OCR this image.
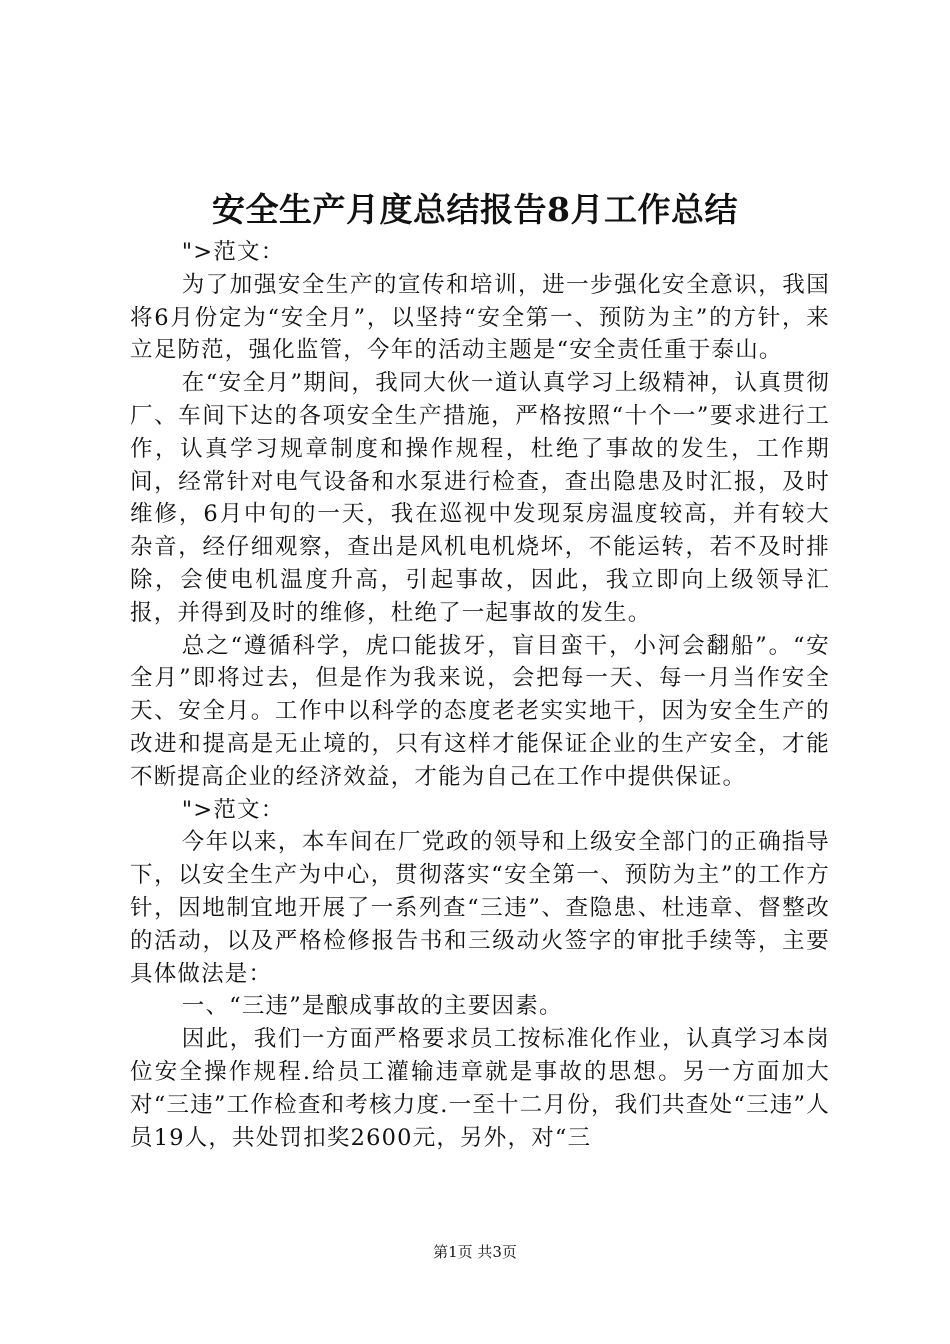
安全生产月度总结报告8月工作总结

">范文：

为了加强安全生产的宣传和培训，进一步强化安全意识，我国将6月份定为“安全月”，以坚持“安全第一、预防为主”的方针，来立足防范，强化监管，今年的活动主题是“安全责任重于泰山。

在“安全月”期间，我同大伙一道认真学习上级精神，认真贯彻厂、车间下达的各项安全生产措施，严格按照“十个一”要求进行工作，认真学习规章制度和操作规程，杜绝了事故的发生，工作期间，经常针对电气设备和水泵进行检查，查出隐患及时汇报，及时维修，6月中旬的一天，我在巡视中发现泵房温度较高，并有较大杂音，经仔细观察，查出是风机电机烧坏，不能运转，若不及时排除，会使电机温度升高，引起事故，因此，我立即向上级领导汇报，并得到及时的维修，杜绝了一起事故的发生。

总之“遵循科学，虎口能拔牙，盲目蛮干，小河会翻船”。“安全月”即将过去，但是作为我来说，会把每一天、每一月当作安全天、安全月。工作中以科学的态度老老实实地干，因为安全生产的改进和提高是无止境的，只有这样才能保证企业的生产安全，才能不断提高企业的经济效益，才能为自己在工作中提供保证。

">范文：

今年以来，本车间在厂党政的领导和上级安全部门的正确指导下，以安全生产为中心，贯彻落实“安全第一、预防为主”的工作方针，因地制宜地开展了一系列查“三违”、查隐患、杜违章、督整改的活动，以及严格检修报告书和三级动火签字的审批手续等，主要具体做法是：

一、“三违”是酿成事故的主要因素。

因此，我们一方面严格要求员工按标准化作业，认真学习本岗位安全操作规程.给员工灌输违章就是事故的思想。另一方面加大对“三违”工作检查和考核力度.一至十二月份，我们共查处“三违”人员19人，共处罚扣奖2600元，另外，对“三

第1页 共3页
